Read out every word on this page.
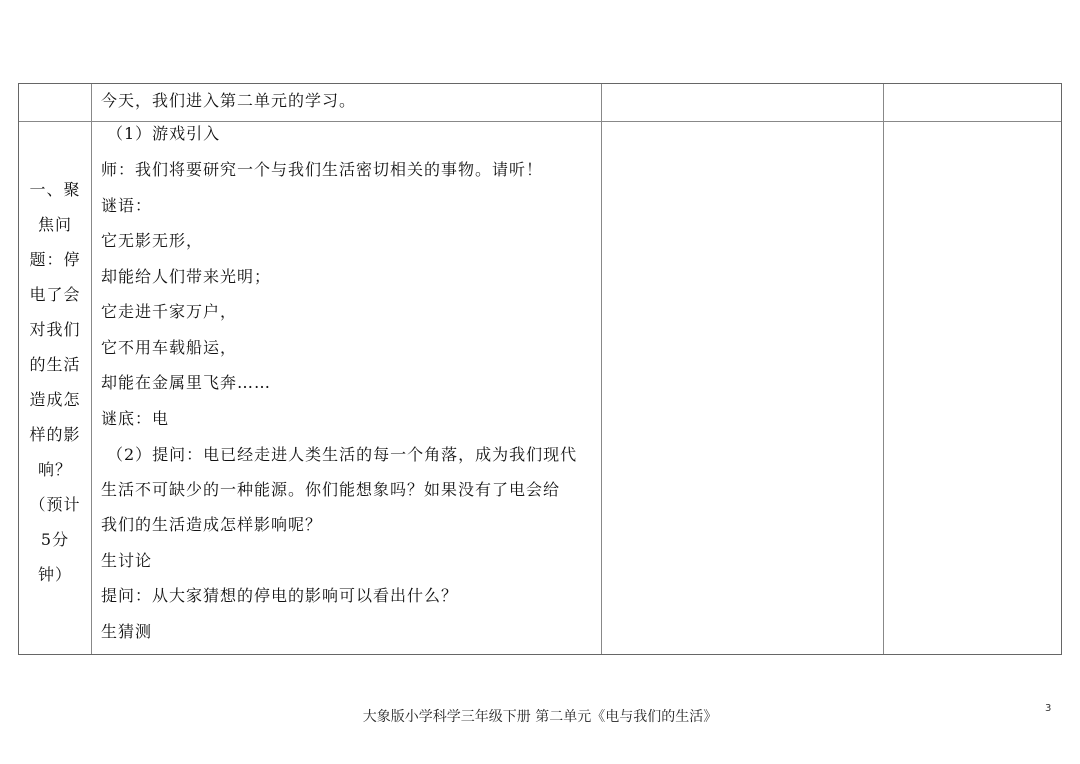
今天，我们进入第二单元的学习。
一、聚
焦问
题：停
电了会
对我们
的生活
造成怎
样的影
响？
（预计
5分
钟）
（1）游戏引入
师：我们将要研究一个与我们生活密切相关的事物。请听！
谜语：
它无影无形，
却能给人们带来光明；
它走进千家万户，
它不用车载船运，
却能在金属里飞奔……
谜底：电
（2）提问：电已经走进人类生活的每一个角落，成为我们现代
生活不可缺少的一种能源。你们能想象吗？如果没有了电会给
我们的生活造成怎样影响呢？
生讨论
提问：从大家猜想的停电的影响可以看出什么？
生猜测
大象版小学科学三年级下册 第二单元《电与我们的生活》
3
